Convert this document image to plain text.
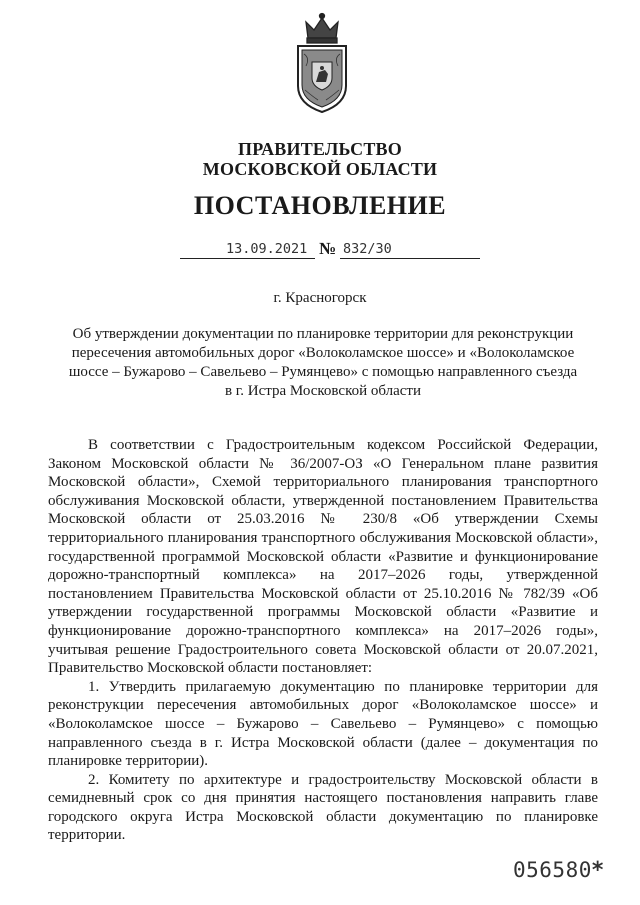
ПРАВИТЕЛЬСТВО
МОСКОВСКОЙ ОБЛАСТИ
ПОСТАНОВЛЕНИЕ
13.09.2021 № 832/30
г. Красногорск
Об утверждении документации по планировке территории для реконструкции
пересечения автомобильных дорог «Волоколамское шоссе» и «Волоколамское
шоссе – Бужарово – Савельево – Румянцево» с помощью направленного съезда
в г. Истра Московской области

В соответствии с Градостроительным кодексом Российской Федерации, Законом Московской области № 36/2007-ОЗ «О Генеральном плане развития Московской области», Схемой территориального планирования транспортного обслуживания Московской области, утвержденной постановлением Правительства Московской области от 25.03.2016 № 230/8 «Об утверждении Схемы территориального планирования транспортного обслуживания Московской области», государственной программой Московской области «Развитие и функционирование дорожно-транспортный комплекса» на 2017–2026 годы, утвержденной постановлением Правительства Московской области от 25.10.2016 № 782/39 «Об утверждении государственной программы Московской области «Развитие и функционирование дорожно-транспортного комплекса» на 2017–2026 годы», учитывая решение Градостроительного совета Московской области от 20.07.2021, Правительство Московской области постановляет:

1. Утвердить прилагаемую документацию по планировке территории для реконструкции пересечения автомобильных дорог «Волоколамское шоссе» и «Волоколамское шоссе – Бужарово – Савельево – Румянцево» с помощью направленного съезда в г. Истра Московской области (далее – документация по планировке территории).

2. Комитету по архитектуре и градостроительству Московской области в семидневный срок со дня принятия настоящего постановления направить главе городского округа Истра Московской области документацию по планировке территории.

056580*
